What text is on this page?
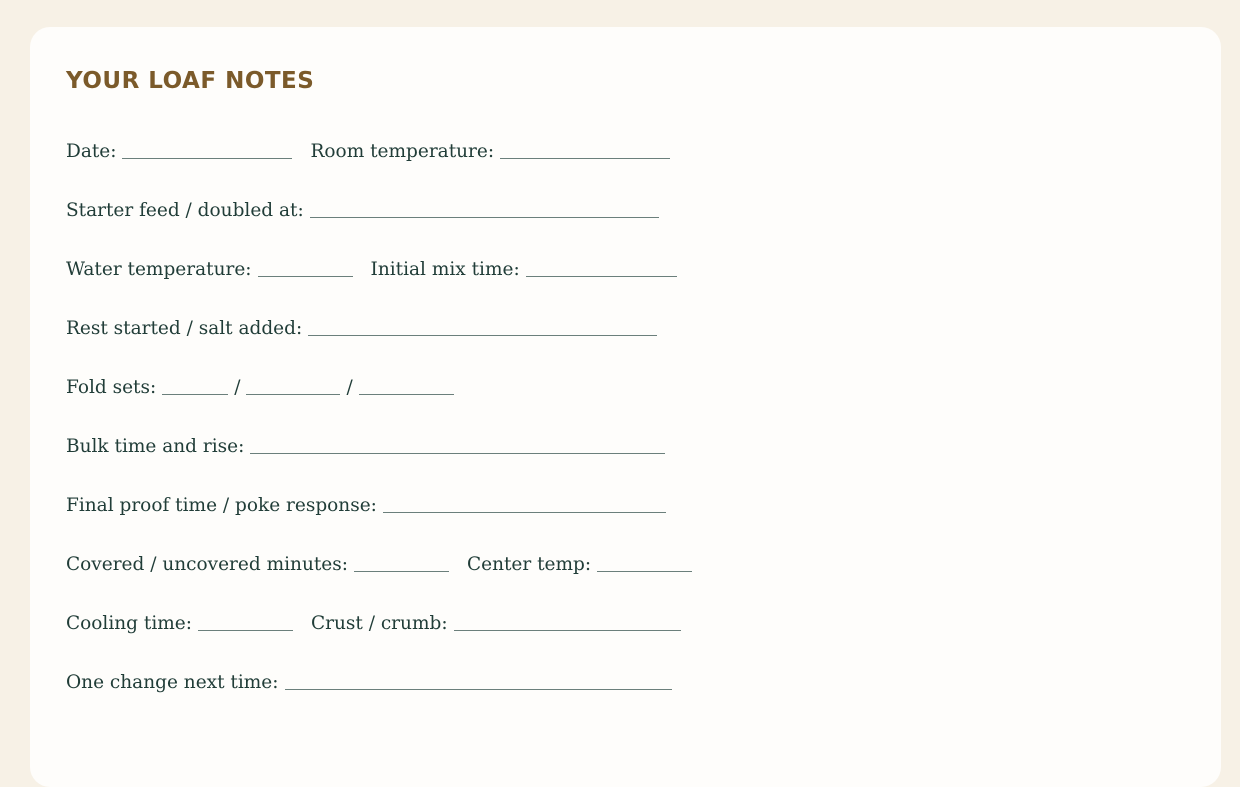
YOUR LOAF NOTES
Date:	Room temperature:
Starter feed / doubled at:
Water temperature:	Initial mix time:
Rest started / salt added:
Fold sets:	/	/
Bulk time and rise:
Final proof time / poke response:
Covered / uncovered minutes:	Center temp:
Cooling time:	Crust / crumb:
One change next time:
